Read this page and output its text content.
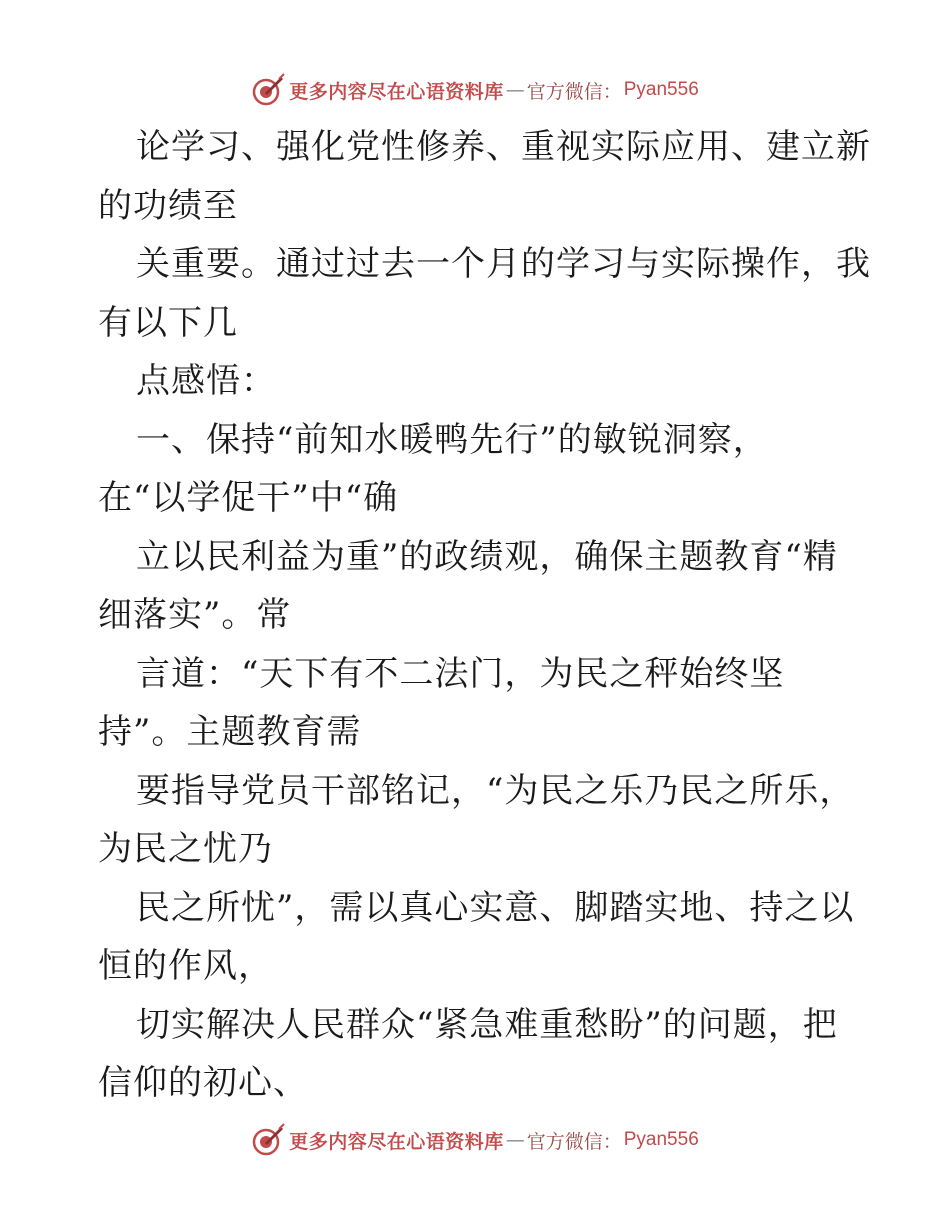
更多内容尽在心语资料库 — 官方微信： Pyan556
论学习、强化党性修养、重视实际应用、建立新
的功绩至
关重要。通过过去一个月的学习与实际操作，我
有以下几
点感悟：
一、保持“前知水暖鸭先行”的敏锐洞察，
在“以学促干”中“确
立以民利益为重”的政绩观，确保主题教育“精
细落实”。常
言道：“天下有不二法门，为民之秤始终坚
持”。主题教育需
要指导党员干部铭记，“为民之乐乃民之所乐，
为民之忧乃
民之所忧”，需以真心实意、脚踏实地、持之以
恒的作风，
切实解决人民群众“紧急难重愁盼”的问题，把
信仰的初心、
更多内容尽在心语资料库 — 官方微信： Pyan556
